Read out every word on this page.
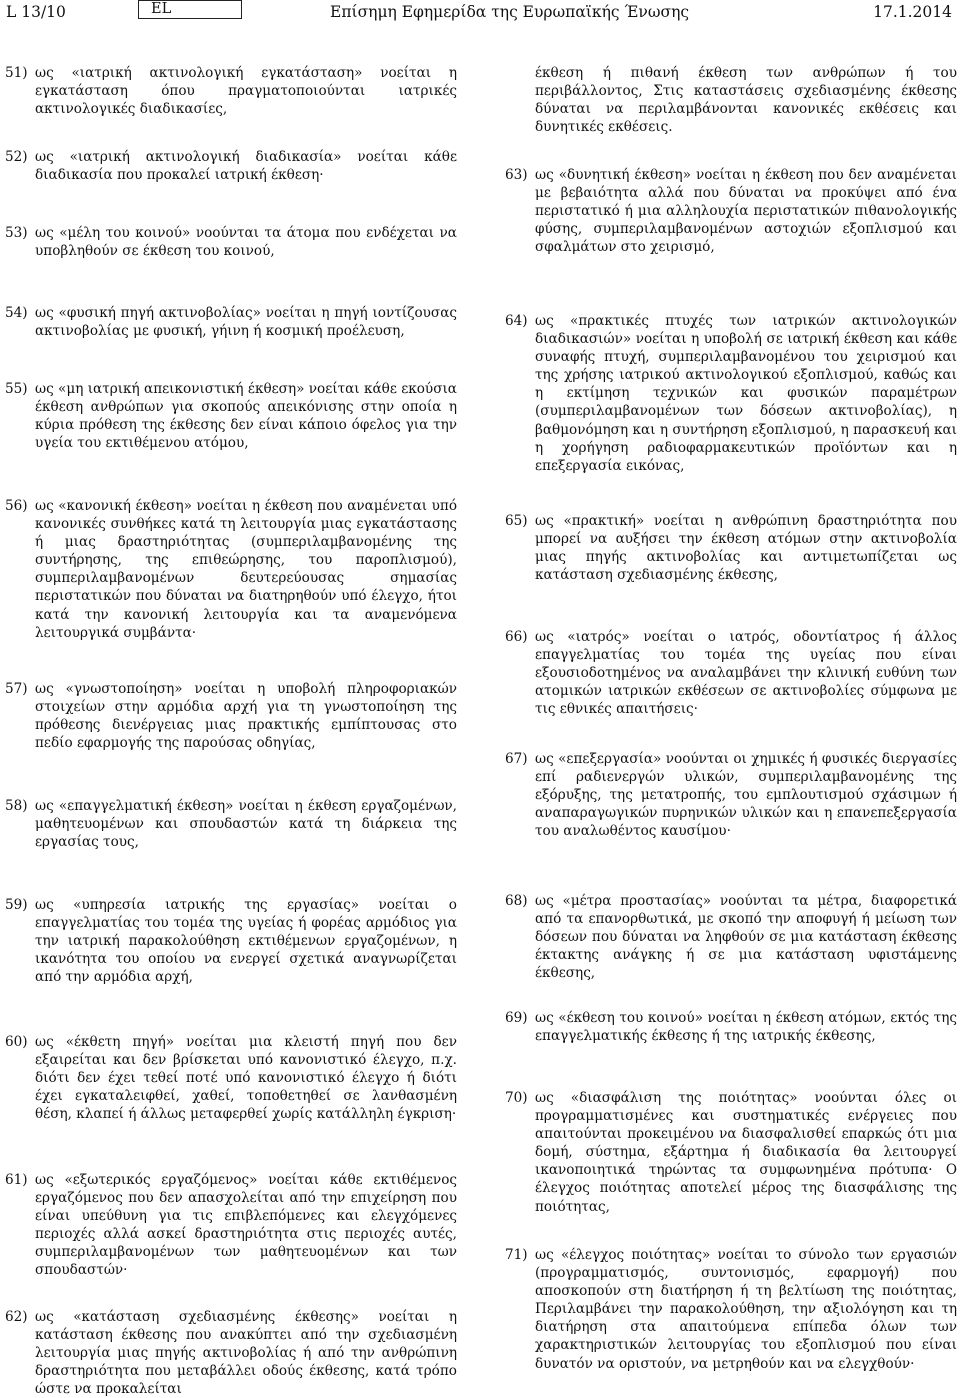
L 13/10	EL	Επίσημη Εφημερίδα της Ευρωπαϊκής Ένωσης	17.1.2014
51) ως «ιατρική ακτινολογική εγκατάσταση» νοείται η εγκατάσταση όπου πραγματοποιούνται ιατρικές ακτινολογικές διαδικασίες,
52) ως «ιατρική ακτινολογική διαδικασία» νοείται κάθε διαδικασία που προκαλεί ιατρική έκθεση·
53) ως «μέλη του κοινού» νοούνται τα άτομα που ενδέχεται να υποβληθούν σε έκθεση του κοινού,
54) ως «φυσική πηγή ακτινοβολίας» νοείται η πηγή ιοντίζουσας ακτινοβολίας με φυσική, γήινη ή κοσμική προέλευση,
55) ως «μη ιατρική απεικονιστική έκθεση» νοείται κάθε εκούσια έκθεση ανθρώπων για σκοπούς απεικόνισης στην οποία η κύρια πρόθεση της έκθεσης δεν είναι κάποιο όφελος για την υγεία του εκτιθέμενου ατόμου,
56) ως «κανονική έκθεση» νοείται η έκθεση που αναμένεται υπό κανονικές συνθήκες κατά τη λειτουργία μιας εγκατάστασης ή μιας δραστηριότητας (συμπεριλαμβανομένης της συντήρησης, της επιθεώρησης, του παροπλισμού), συμπεριλαμβανομένων δευτερεύουσας σημασίας περιστατικών που δύναται να διατηρηθούν υπό έλεγχο, ήτοι κατά την κανονική λειτουργία και τα αναμενόμενα λειτουργικά συμβάντα·
57) ως «γνωστοποίηση» νοείται η υποβολή πληροφοριακών στοιχείων στην αρμόδια αρχή για τη γνωστοποίηση της πρόθεσης διενέργειας μιας πρακτικής εμπίπτουσας στο πεδίο εφαρμογής της παρούσας οδηγίας,
58) ως «επαγγελματική έκθεση» νοείται η έκθεση εργαζομένων, μαθητευομένων και σπουδαστών κατά τη διάρκεια της εργασίας τους,
59) ως «υπηρεσία ιατρικής της εργασίας» νοείται ο επαγγελματίας του τομέα της υγείας ή φορέας αρμόδιος για την ιατρική παρακολούθηση εκτιθέμενων εργαζομένων, η ικανότητα του οποίου να ενεργεί σχετικά αναγνωρίζεται από την αρμόδια αρχή,
60) ως «έκθετη πηγή» νοείται μια κλειστή πηγή που δεν εξαιρείται και δεν βρίσκεται υπό κανονιστικό έλεγχο, π.χ. διότι δεν έχει τεθεί ποτέ υπό κανονιστικό έλεγχο ή διότι έχει εγκαταλειφθεί, χαθεί, τοποθετηθεί σε λανθασμένη θέση, κλαπεί ή άλλως μεταφερθεί χωρίς κατάλληλη έγκριση·
61) ως «εξωτερικός εργαζόμενος» νοείται κάθε εκτιθέμενος εργαζόμενος που δεν απασχολείται από την επιχείρηση που είναι υπεύθυνη για τις επιβλεπόμενες και ελεγχόμενες περιοχές αλλά ασκεί δραστηριότητα στις περιοχές αυτές, συμπεριλαμβανομένων των μαθητευομένων και των σπουδαστών·
62) ως «κατάσταση σχεδιασμένης έκθεσης» νοείται η κατάσταση έκθεσης που ανακύπτει από την σχεδιασμένη λειτουργία μιας πηγής ακτινοβολίας ή από την ανθρώπινη δραστηριότητα που μεταβάλλει οδούς έκθεσης, κατά τρόπο ώστε να προκαλείται
έκθεση ή πιθανή έκθεση των ανθρώπων ή του περιβάλλοντος, Στις καταστάσεις σχεδιασμένης έκθεσης δύναται να περιλαμβάνονται κανονικές εκθέσεις και δυνητικές εκθέσεις.
63) ως «δυνητική έκθεση» νοείται η έκθεση που δεν αναμένεται με βεβαιότητα αλλά που δύναται να προκύψει από ένα περιστατικό ή μια αλληλουχία περιστατικών πιθανολογικής φύσης, συμπεριλαμβανομένων αστοχιών εξοπλισμού και σφαλμάτων στο χειρισμό,
64) ως «πρακτικές πτυχές των ιατρικών ακτινολογικών διαδικασιών» νοείται η υποβολή σε ιατρική έκθεση και κάθε συναφής πτυχή, συμπεριλαμβανομένου του χειρισμού και της χρήσης ιατρικού ακτινολογικού εξοπλισμού, καθώς και η εκτίμηση τεχνικών και φυσικών παραμέτρων (συμπεριλαμβανομένων των δόσεων ακτινοβολίας), η βαθμονόμηση και η συντήρηση εξοπλισμού, η παρασκευή και η χορήγηση ραδιοφαρμακευτικών προϊόντων και η επεξεργασία εικόνας,
65) ως «πρακτική» νοείται η ανθρώπινη δραστηριότητα που μπορεί να αυξήσει την έκθεση ατόμων στην ακτινοβολία μιας πηγής ακτινοβολίας και αντιμετωπίζεται ως κατάσταση σχεδιασμένης έκθεσης,
66) ως «ιατρός» νοείται ο ιατρός, οδοντίατρος ή άλλος επαγγελματίας του τομέα της υγείας που είναι εξουσιοδοτημένος να αναλαμβάνει την κλινική ευθύνη των ατομικών ιατρικών εκθέσεων σε ακτινοβολίες σύμφωνα με τις εθνικές απαιτήσεις·
67) ως «επεξεργασία» νοούνται οι χημικές ή φυσικές διεργασίες επί ραδιενεργών υλικών, συμπεριλαμβανομένης της εξόρυξης, της μετατροπής, του εμπλουτισμού σχάσιμων ή αναπαραγωγικών πυρηνικών υλικών και η επανεπεξεργασία του αναλωθέντος καυσίμου·
68) ως «μέτρα προστασίας» νοούνται τα μέτρα, διαφορετικά από τα επανορθωτικά, με σκοπό την αποφυγή ή μείωση των δόσεων που δύναται να ληφθούν σε μια κατάσταση έκθεσης έκτακτης ανάγκης ή σε μια κατάσταση υφιστάμενης έκθεσης,
69) ως «έκθεση του κοινού» νοείται η έκθεση ατόμων, εκτός της επαγγελματικής έκθεσης ή της ιατρικής έκθεσης,
70) ως «διασφάλιση της ποιότητας» νοούνται όλες οι προγραμματισμένες και συστηματικές ενέργειες που απαιτούνται προκειμένου να διασφαλισθεί επαρκώς ότι μια δομή, σύστημα, εξάρτημα ή διαδικασία θα λειτουργεί ικανοποιητικά τηρώντας τα συμφωνημένα πρότυπα· Ο έλεγχος ποιότητας αποτελεί μέρος της διασφάλισης της ποιότητας,
71) ως «έλεγχος ποιότητας» νοείται το σύνολο των εργασιών (προγραμματισμός, συντονισμός, εφαρμογή) που αποσκοπούν στη διατήρηση ή τη βελτίωση της ποιότητας, Περιλαμβάνει την παρακολούθηση, την αξιολόγηση και τη διατήρηση στα απαιτούμενα επίπεδα όλων των χαρακτηριστικών λειτουργίας του εξοπλισμού που είναι δυνατόν να οριστούν, να μετρηθούν και να ελεγχθούν·
